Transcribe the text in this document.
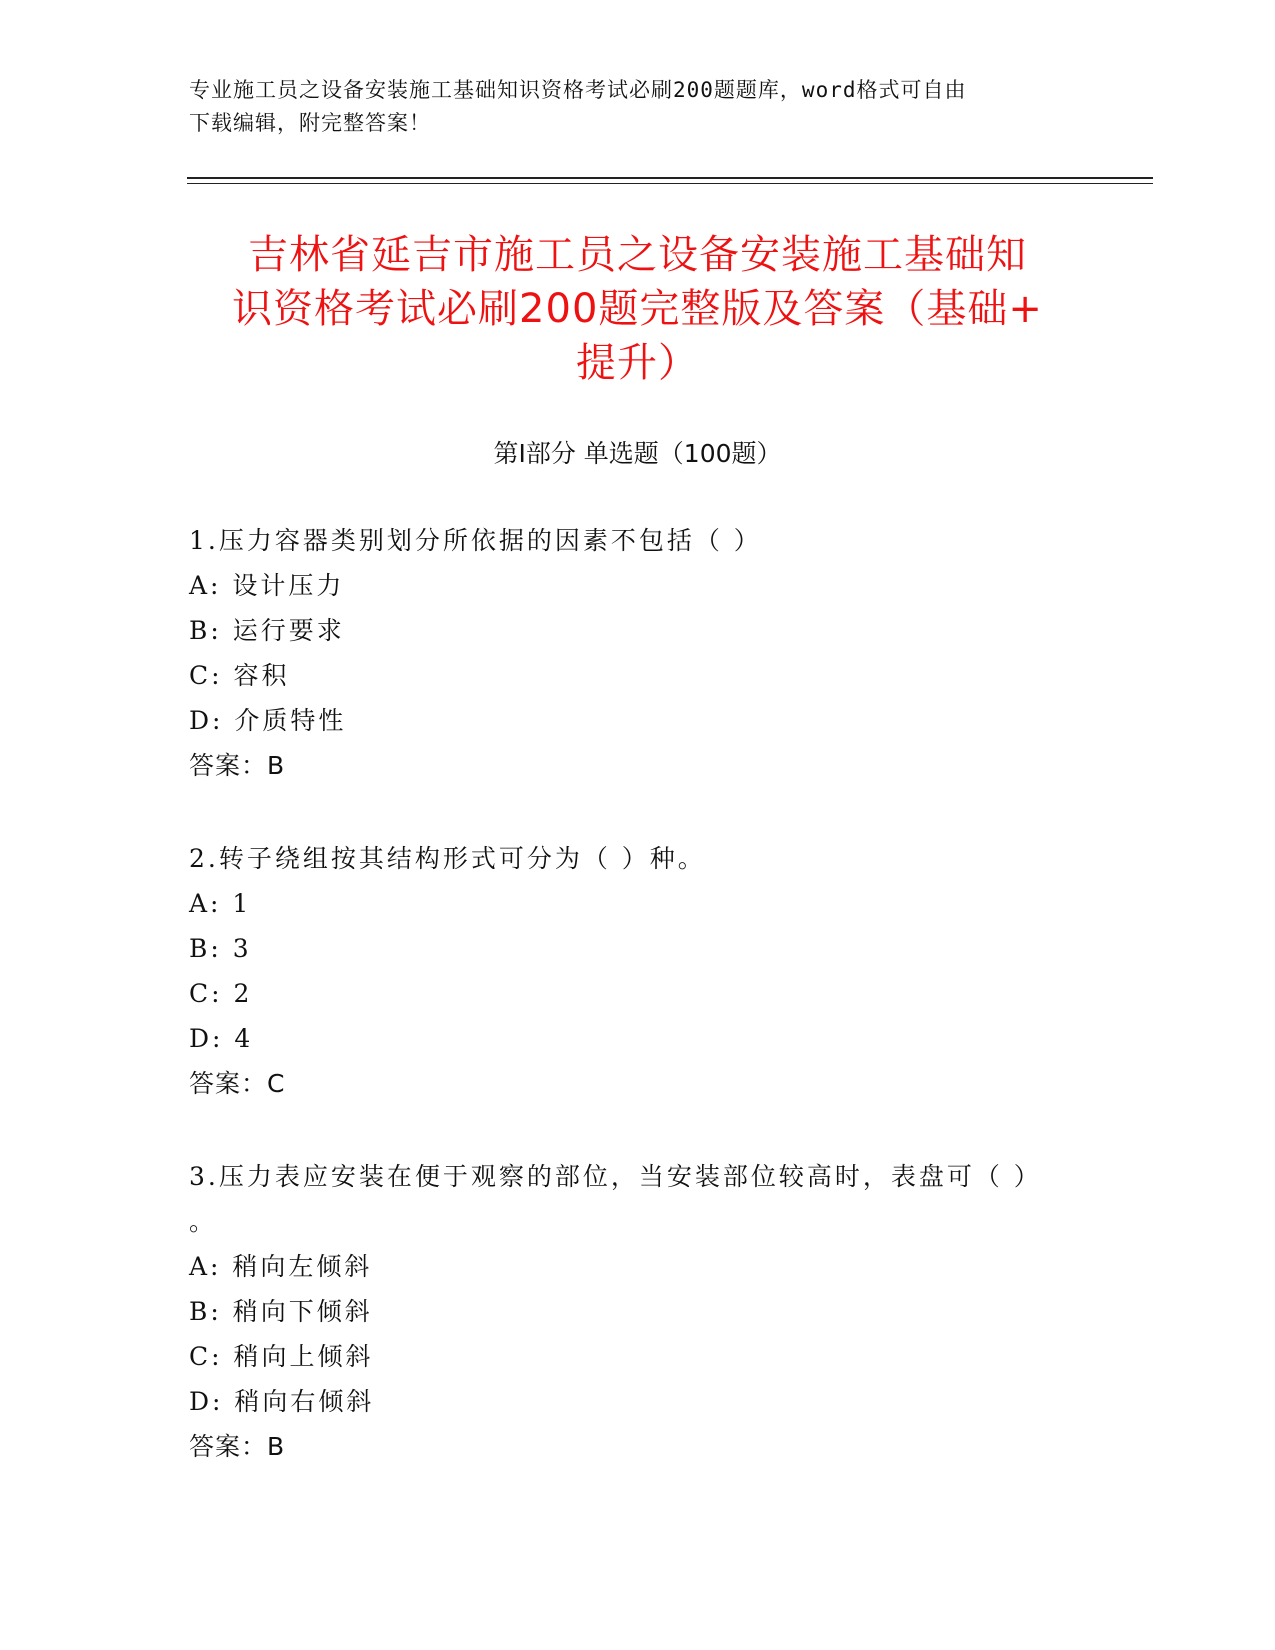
专业施工员之设备安装施工基础知识资格考试必刷200题题库，word格式可自由
下载编辑，附完整答案！
吉林省延吉市施工员之设备安装施工基础知
识资格考试必刷200题完整版及答案（基础+
提升）
第Ⅰ部分 单选题（100题）
1.压力容器类别划分所依据的因素不包括（ ）
A: 设计压力
B: 运行要求
C: 容积
D: 介质特性
答案：B
2.转子绕组按其结构形式可分为（ ）种。
A: 1
B: 3
C: 2
D: 4
答案：C
3.压力表应安装在便于观察的部位，当安装部位较高时，表盘可（ ）
。
A: 稍向左倾斜
B: 稍向下倾斜
C: 稍向上倾斜
D: 稍向右倾斜
答案：B
